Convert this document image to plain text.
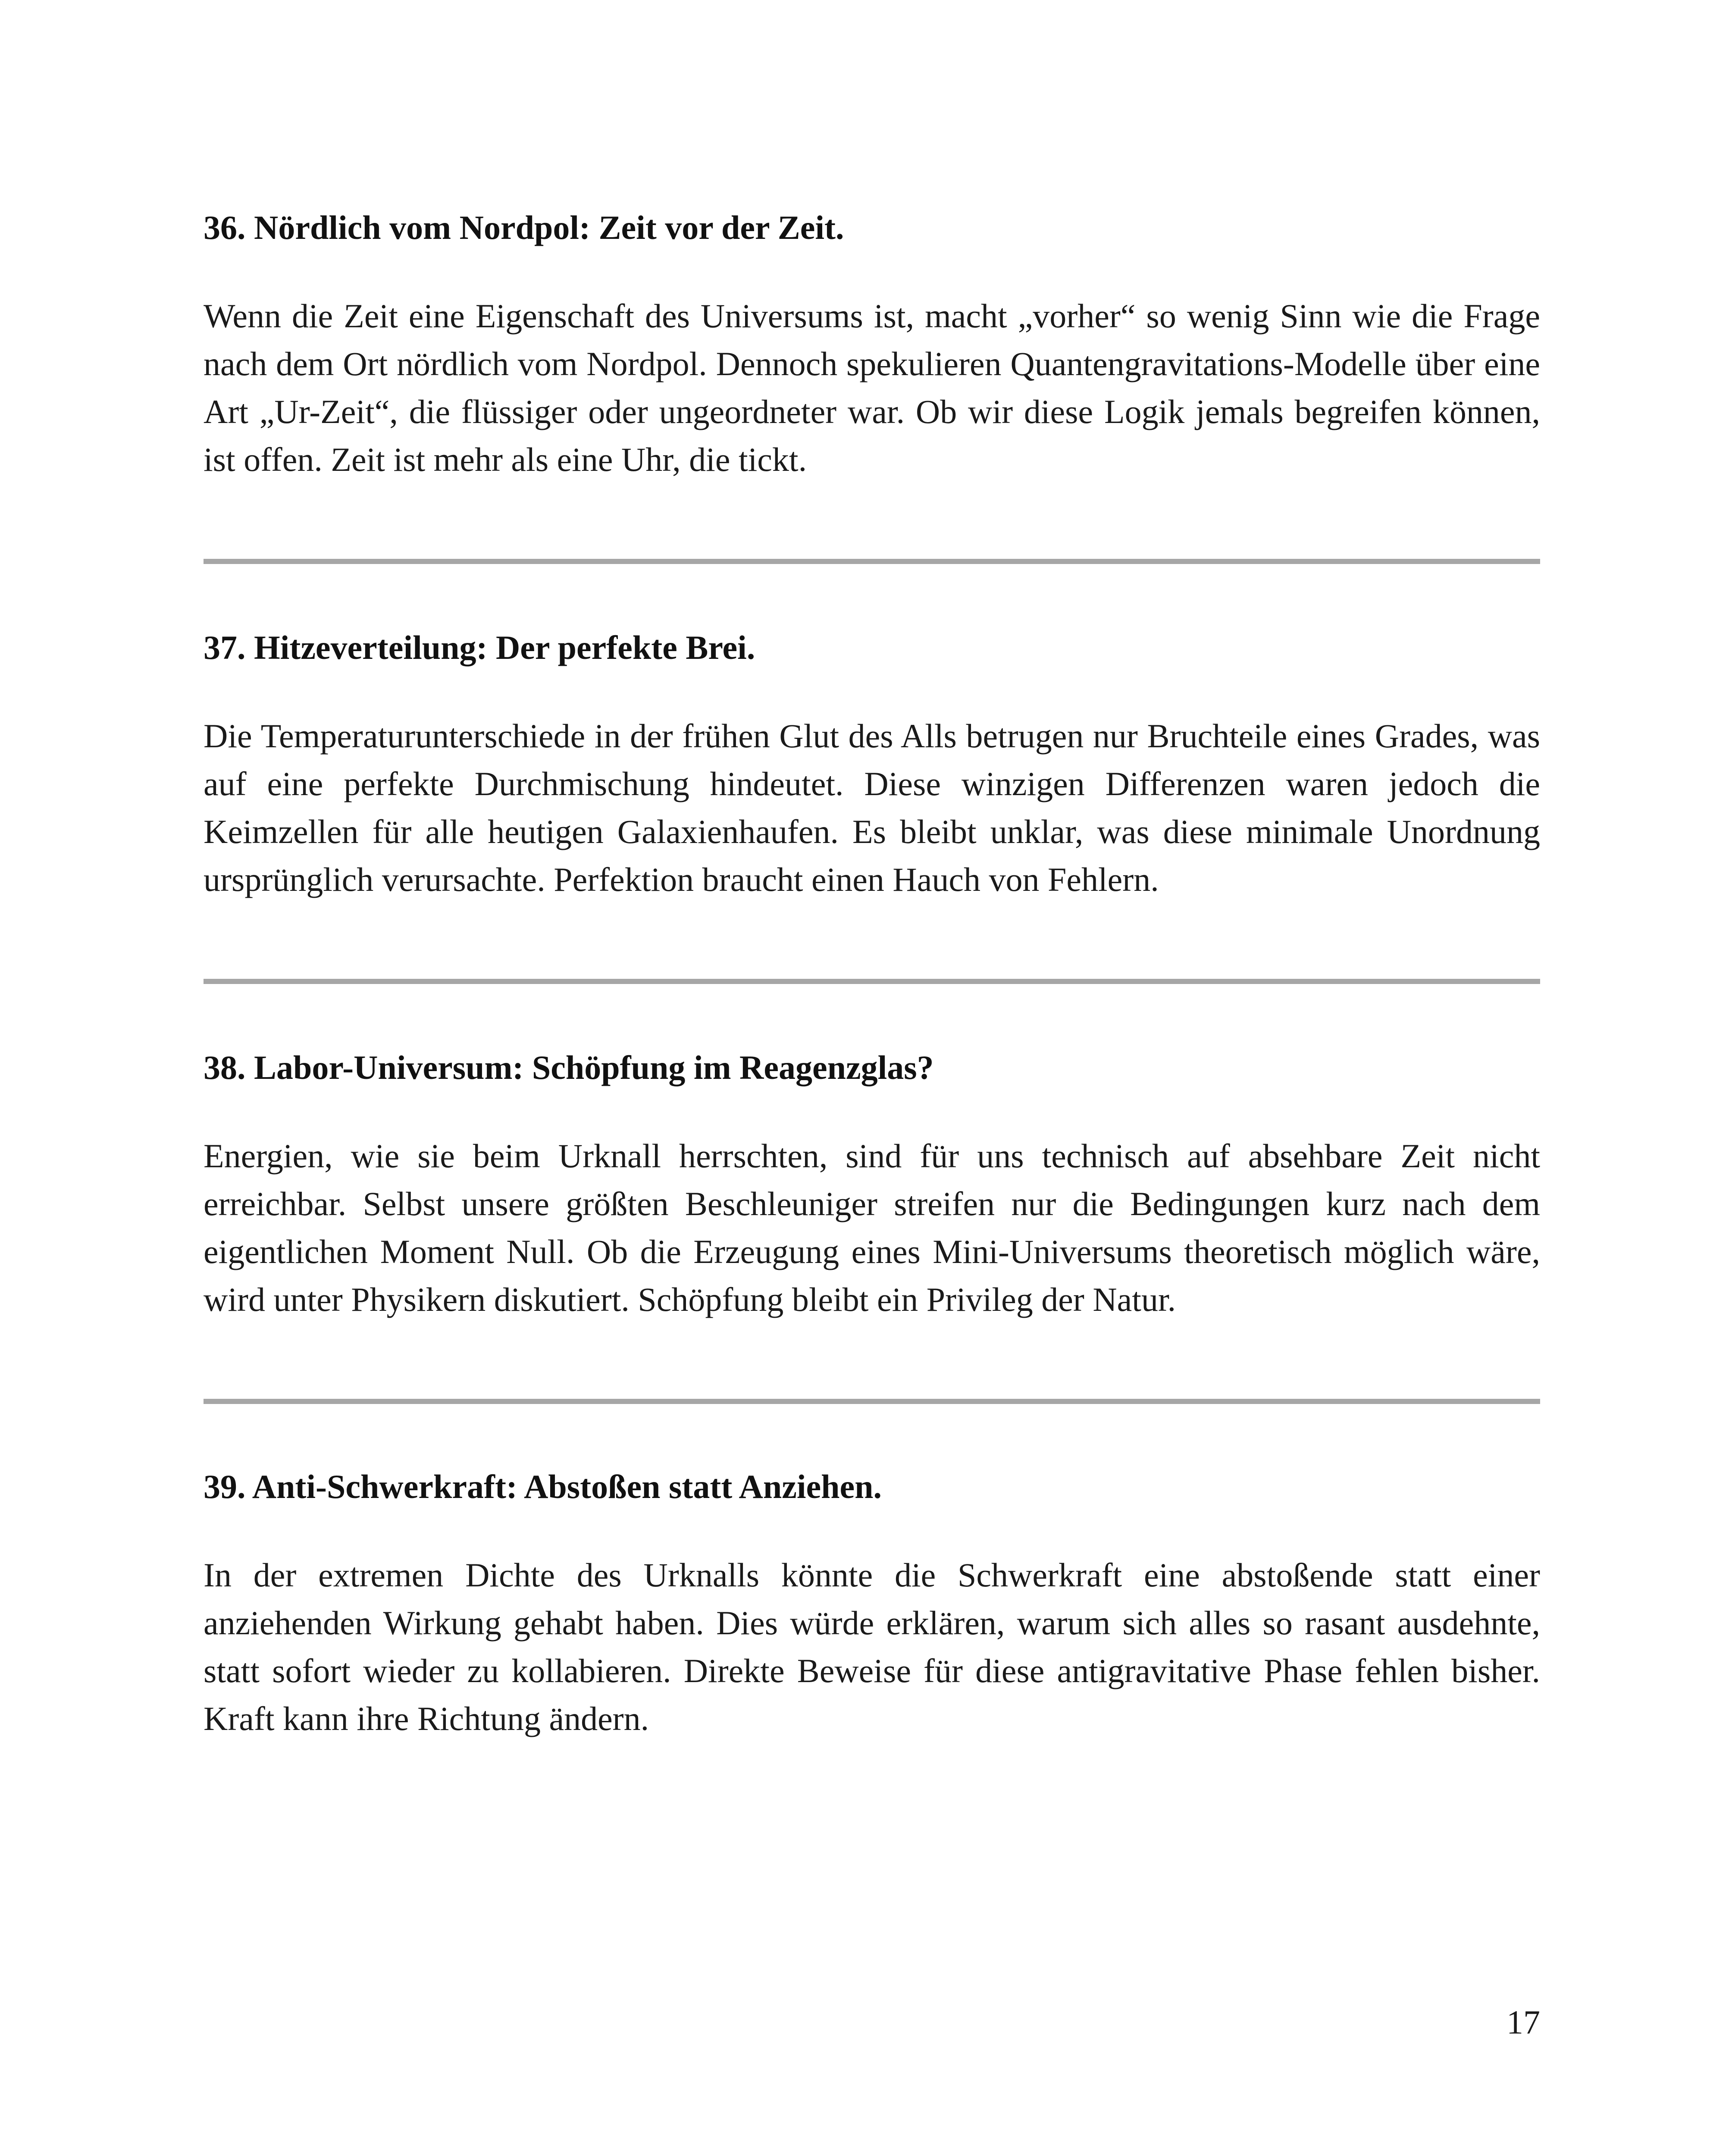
36. Nördlich vom Nordpol: Zeit vor der Zeit.

Wenn die Zeit eine Eigenschaft des Universums ist, macht „vorher“ so wenig Sinn wie die Frage nach dem Ort nördlich vom Nordpol. Dennoch spekulieren Quantengravitations-Modelle über eine Art „Ur-Zeit“, die flüssiger oder ungeordneter war. Ob wir diese Logik jemals begreifen können, ist offen. Zeit ist mehr als eine Uhr, die tickt.

37. Hitzeverteilung: Der perfekte Brei.

Die Temperaturunterschiede in der frühen Glut des Alls betrugen nur Bruchteile eines Grades, was auf eine perfekte Durchmischung hindeutet. Diese winzigen Differenzen waren jedoch die Keimzellen für alle heutigen Galaxienhaufen. Es bleibt unklar, was diese minimale Unordnung ursprünglich verursachte. Perfektion braucht einen Hauch von Fehlern.

38. Labor-Universum: Schöpfung im Reagenzglas?

Energien, wie sie beim Urknall herrschten, sind für uns technisch auf absehbare Zeit nicht erreichbar. Selbst unsere größten Beschleuniger streifen nur die Bedingungen kurz nach dem eigentlichen Moment Null. Ob die Erzeugung eines Mini-Universums theoretisch möglich wäre, wird unter Physikern diskutiert. Schöpfung bleibt ein Privileg der Natur.

39. Anti-Schwerkraft: Abstoßen statt Anziehen.

In der extremen Dichte des Urknalls könnte die Schwerkraft eine abstoßende statt einer anziehenden Wirkung gehabt haben. Dies würde erklären, warum sich alles so rasant ausdehnte, statt sofort wieder zu kollabieren. Direkte Beweise für diese antigravitative Phase fehlen bisher. Kraft kann ihre Richtung ändern.

17
